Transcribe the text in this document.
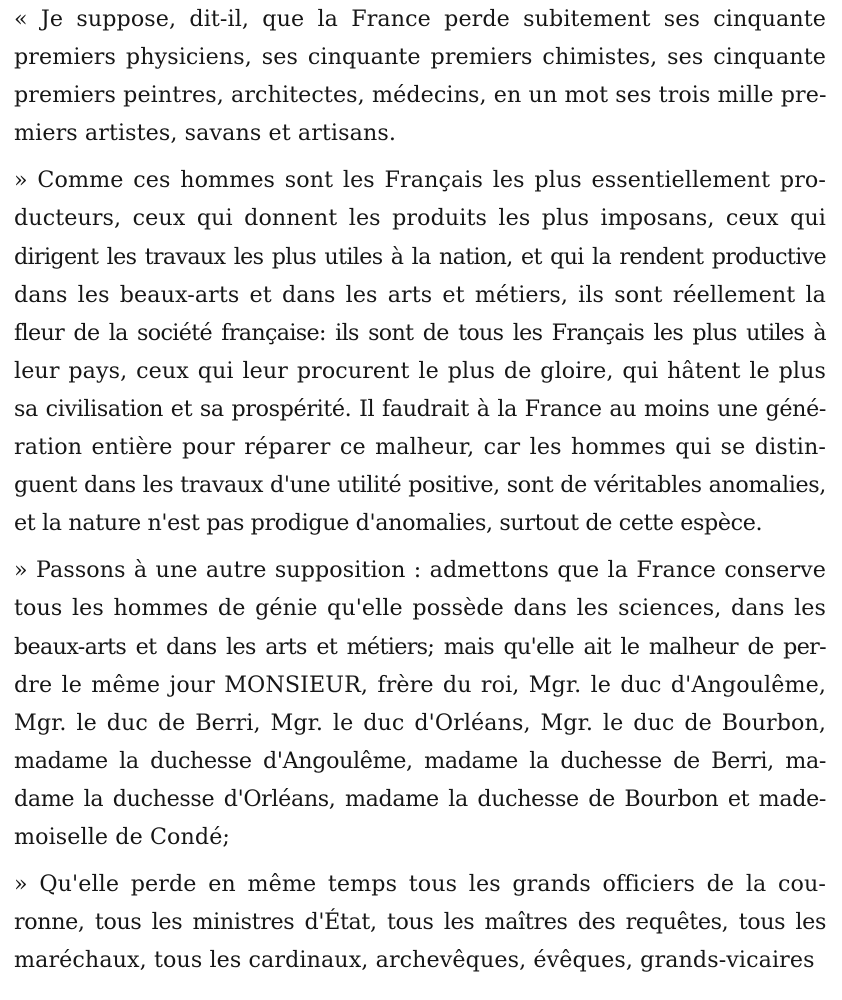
« Je suppose, dit-il, que la France perde subitement ses cinquante
premiers physiciens, ses cinquante premiers chimistes, ses cinquante
premiers peintres, architectes, médecins, en un mot ses trois mille pre-
miers artistes, savans et artisans.

» Comme ces hommes sont les Français les plus essentiellement pro-
ducteurs, ceux qui donnent les produits les plus imposans, ceux qui
dirigent les travaux les plus utiles à la nation, et qui la rendent productive
dans les beaux-arts et dans les arts et métiers, ils sont réellement la
fleur de la société française: ils sont de tous les Français les plus utiles à
leur pays, ceux qui leur procurent le plus de gloire, qui hâtent le plus
sa civilisation et sa prospérité. Il faudrait à la France au moins une géné-
ration entière pour réparer ce malheur, car les hommes qui se distin-
guent dans les travaux d'une utilité positive, sont de véritables anomalies,
et la nature n'est pas prodigue d'anomalies, surtout de cette espèce.

» Passons à une autre supposition : admettons que la France conserve
tous les hommes de génie qu'elle possède dans les sciences, dans les
beaux-arts et dans les arts et métiers; mais qu'elle ait le malheur de per-
dre le même jour MONSIEUR, frère du roi, Mgr. le duc d'Angoulême,
Mgr. le duc de Berri, Mgr. le duc d'Orléans, Mgr. le duc de Bourbon,
madame la duchesse d'Angoulême, madame la duchesse de Berri, ma-
dame la duchesse d'Orléans, madame la duchesse de Bourbon et made-
moiselle de Condé;

» Qu'elle perde en même temps tous les grands officiers de la cou-
ronne, tous les ministres d'État, tous les maîtres des requêtes, tous les
maréchaux, tous les cardinaux, archevêques, évêques, grands-vicaires
